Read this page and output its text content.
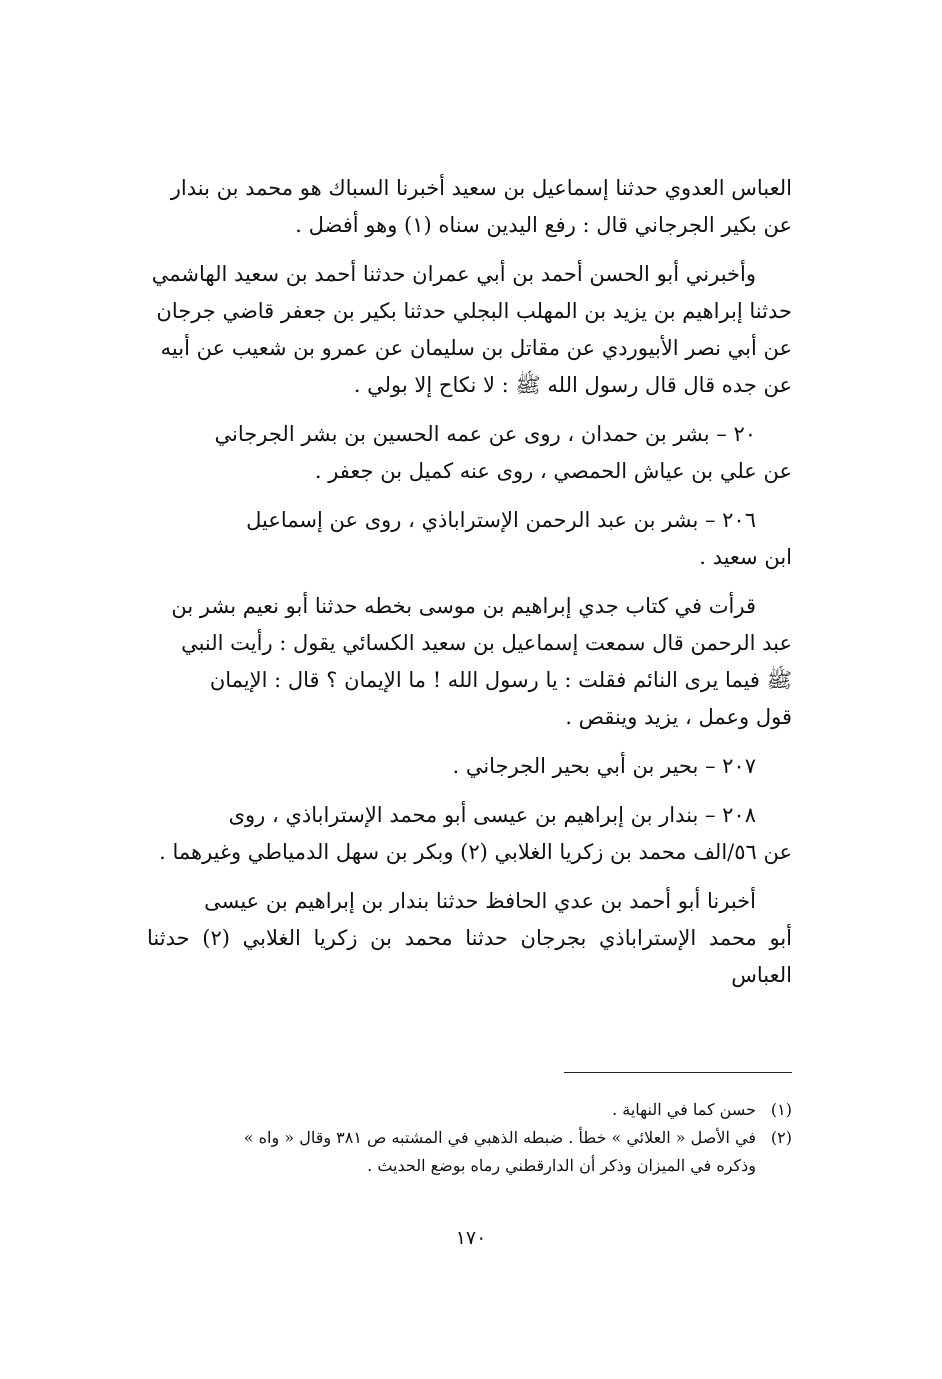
العباس العدوي حدثنا إسماعيل بن سعيد أخبرنا السباك هو محمد بن بندار
عن بكير الجرجاني قال : رفع اليدين سناه (١) وهو أفضل .

وأخبرني أبو الحسن أحمد بن أبي عمران حدثنا أحمد بن سعيد الهاشمي
حدثنا إبراهيم بن يزيد بن المهلب البجلي حدثنا بكير بن جعفر قاضي جرجان
عن أبي نصر الأبيوردي عن مقاتل بن سليمان عن عمرو بن شعيب عن أبيه
عن جده قال قال رسول الله ﷺ : لا نكاح إلا بولي .

٢٠ – بشر بن حمدان ، روى عن عمه الحسين بن بشر الجرجاني
عن علي بن عياش الحمصي ، روى عنه كميل بن جعفر .

٢٠٦ – بشر بن عبد الرحمن الإستراباذي ، روى عن إسماعيل
ابن سعيد .

قرأت في كتاب جدي إبراهيم بن موسى بخطه حدثنا أبو نعيم بشر بن
عبد الرحمن قال سمعت إسماعيل بن سعيد الكسائي يقول : رأيت النبي
ﷺ فيما يرى النائم فقلت : يا رسول الله ! ما الإيمان ؟ قال : الإيمان
قول وعمل ، يزيد وينقص .

٢٠٧ – بحير بن أبي بحير الجرجاني .

٢٠٨ – بندار بن إبراهيم بن عيسى أبو محمد الإستراباذي ، روى
عن ٥٦/الف محمد بن زكريا الغلابي (٢) وبكر بن سهل الدمياطي وغيرهما .

أخبرنا أبو أحمد بن عدي الحافظ حدثنا بندار بن إبراهيم بن عيسى
أبو محمد الإستراباذي بجرجان حدثنا محمد بن زكريا الغلابي (٢) حدثنا العباس

(١)حسن كما في النهاية .
(٢)في الأصل « العلائي » خطأ . ضبطه الذهبي في المشتبه ص ٣٨١ وقال « واه »
وذكره في الميزان وذكر أن الدارقطني رماه بوضع الحديث .
١٧٠
